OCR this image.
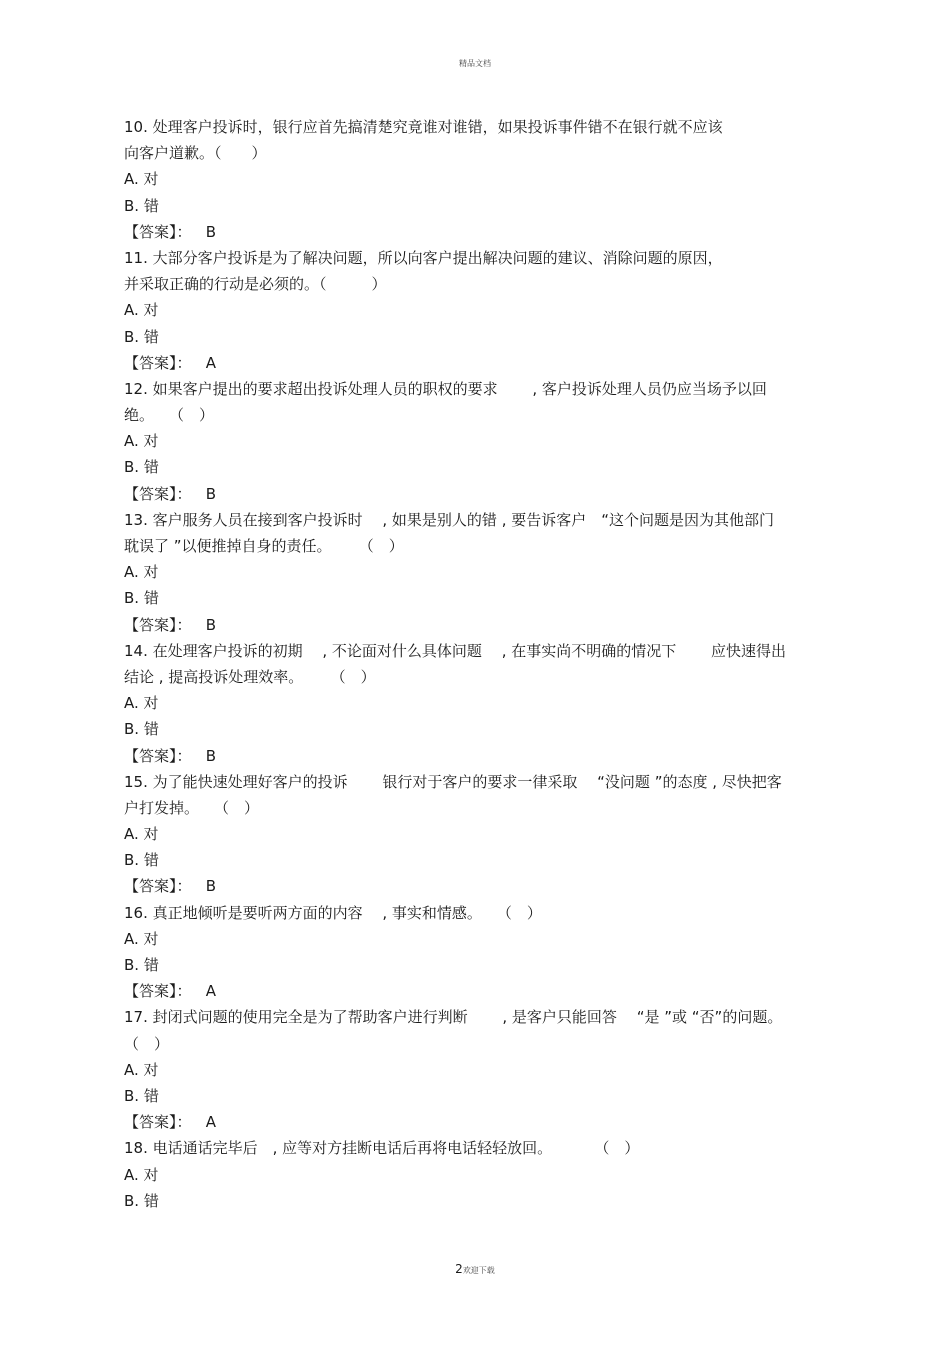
精品文档
10. 处理客户投诉时，银行应首先搞清楚究竟谁对谁错，如果投诉事件错不在银行就不应该
向客户道歉。（　　）
A. 对
B. 错
【答案】：   B
11. 大部分客户投诉是为了解决问题，所以向客户提出解决问题的建议、消除问题的原因，
并采取正确的行动是必须的。（　　　）
A. 对
B. 错
【答案】：   A
12. 如果客户提出的要求超出投诉处理人员的职权的要求　　 , 客户投诉处理人员仍应当场予以回
绝。　　（　）
A. 对
B. 错
【答案】：   B
13. 客户服务人员在接到客户投诉时　 , 如果是别人的错 , 要告诉客户　“这个问题是因为其他部门
耽误了 ”以便推掉自身的责任。　　 （　）
A. 对
B. 错
【答案】：   B
14. 在处理客户投诉的初期　 , 不论面对什么具体问题　 , 在事实尚不明确的情况下　　 应快速得出
结论 , 提高投诉处理效率。　　 （　）
A. 对
B. 错
【答案】：   B
15. 为了能快速处理好客户的投诉　　 银行对于客户的要求一律采取　 “没问题 ”的态度 , 尽快把客
户打发掉。　　（　）
A. 对
B. 错
【答案】：   B
16. 真正地倾听是要听两方面的内容　 , 事实和情感。　　（　）
A. 对
B. 错
【答案】：   A
17. 封闭式问题的使用完全是为了帮助客户进行判断　　 , 是客户只能回答　 “是 ”或 “否”的问题。
（　）
A. 对
B. 错
【答案】：   A
18. 电话通话完毕后　, 应等对方挂断电话后再将电话轻轻放回。　　　 （　）
A. 对
B. 错
2欢迎下载
